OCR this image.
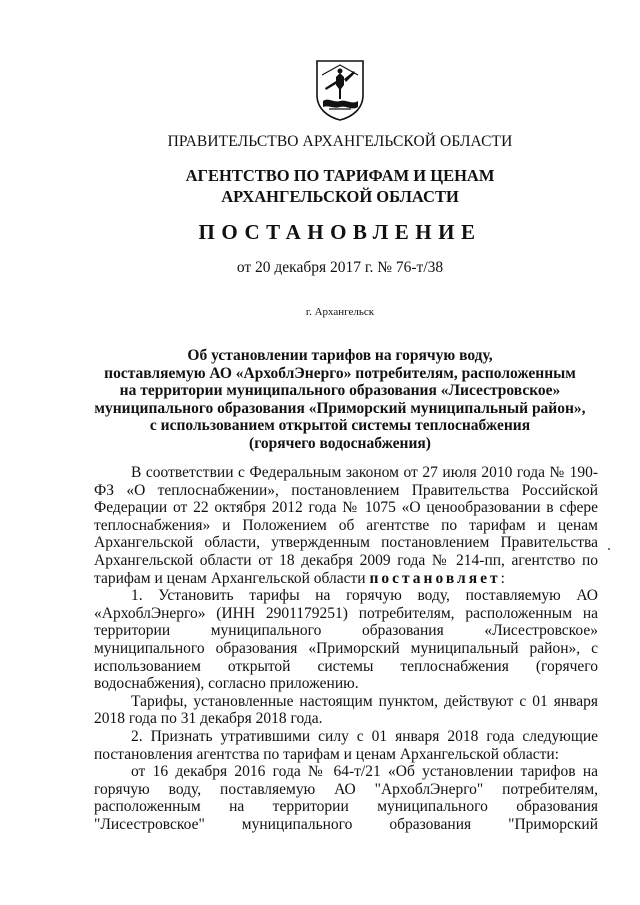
ПРАВИТЕЛЬСТВО АРХАНГЕЛЬСКОЙ ОБЛАСТИ
АГЕНТСТВО ПО ТАРИФАМ И ЦЕНАМ
АРХАНГЕЛЬСКОЙ ОБЛАСТИ
ПОСТАНОВЛЕНИЕ
от 20 декабря 2017 г. № 76-т/38
г. Архангельск
Об установлении тарифов на горячую воду,
поставляемую АО «АрхоблЭнерго» потребителям, расположенным
на территории муниципального образования «Лисестровское»
муниципального образования «Приморский муниципальный район»,
с использованием открытой системы теплоснабжения
(горячего водоснабжения)

В соответствии с Федеральным законом от 27 июля 2010 года № 190-ФЗ «О теплоснабжении», постановлением Правительства Российской Федерации от 22 октября 2012 года № 1075 «О ценообразовании в сфере теплоснабжения» и Положением об агентстве по тарифам и ценам Архангельской области, утвержденным постановлением Правительства Архангельской области от 18 декабря 2009 года № 214-пп, агентство по тарифам и ценам Архангельской области постановляет:

1. Установить тарифы на горячую воду, поставляемую АО «АрхоблЭнерго» (ИНН 2901179251) потребителям, расположенным на территории муниципального образования «Лисестровское» муниципального образования «Приморский муниципальный район», с использованием открытой системы теплоснабжения (горячего водоснабжения), согласно приложению.

Тарифы, установленные настоящим пунктом, действуют с 01 января 2018 года по 31 декабря 2018 года.

2. Признать утратившими силу с 01 января 2018 года следующие постановления агентства по тарифам и ценам Архангельской области:

от 16 декабря 2016 года № 64-т/21 «Об установлении тарифов на горячую воду, поставляемую АО "АрхоблЭнерго" потребителям, расположенным на территории муниципального образования "Лисестровское" муниципального образования "Приморский
